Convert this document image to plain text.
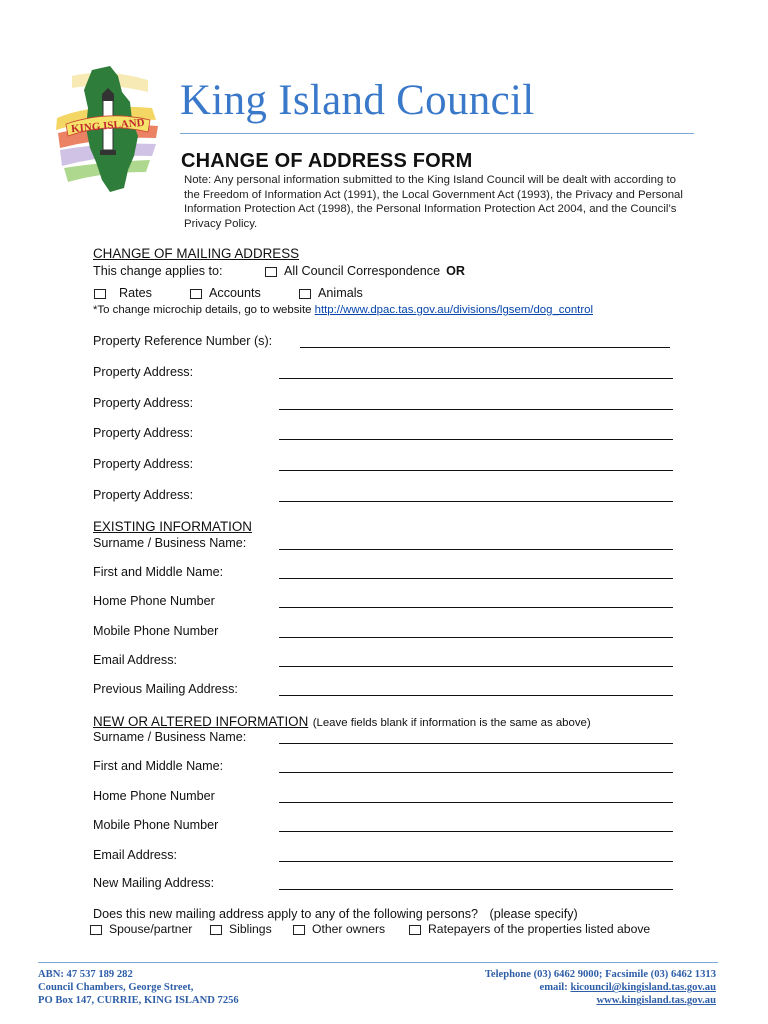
KING ISLAND
King Island Council
CHANGE OF ADDRESS FORM
Note: Any personal information submitted to the King Island Council will be dealt with according to the Freedom of Information Act (1991), the Local Government Act (1993), the Privacy and Personal Information Protection Act (1998), the Personal Information Protection Act 2004, and the Council’s Privacy Policy.
CHANGE OF MAILING ADDRESS
This change applies to:	All Council Correspondence OR
Rates	Accounts	Animals
*To change microchip details, go to website http://www.dpac.tas.gov.au/divisions/lgsem/dog_control
Property Reference Number (s):
Property Address:
Property Address:
Property Address:
Property Address:
Property Address:
EXISTING INFORMATION
Surname / Business Name:
First and Middle Name:
Home Phone Number
Mobile Phone Number
Email Address:
Previous Mailing Address:
NEW OR ALTERED INFORMATION (Leave fields blank if information is the same as above)
Surname / Business Name:
First and Middle Name:
Home Phone Number
Mobile Phone Number
Email Address:
New Mailing Address:
Does this new mailing address apply to any of the following persons? (please specify)
Spouse/partner	Siblings	Other owners	Ratepayers of the properties listed above
ABN: 47 537 189 282
Council Chambers, George Street,
PO Box 147, CURRIE, KING ISLAND 7256
Telephone (03) 6462 9000; Facsimile (03) 6462 1313
email: kicouncil@kingisland.tas.gov.au
www.kingisland.tas.gov.au
